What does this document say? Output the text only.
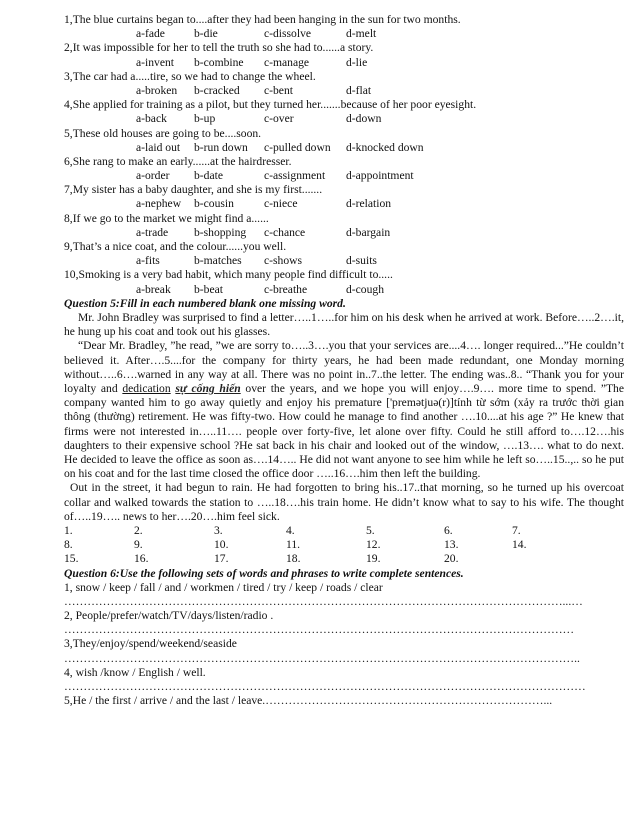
1,The blue curtains began to....after they had been hanging in the sun for two months.
a-fade	b-die	c-dissolve	d-melt
2,It was impossible for her to tell the truth so she had to......a story.
a-invent b-combine c-manage	d-lie
3,The car had a.....tire, so we had to change the wheel.
a-broken b-cracked c-bent	d-flat
4,She applied for training as a pilot, but they turned her.......because of her poor eyesight.
a-back b-up	c-over	d-down
5,These old houses are going to be....soon.
a-laid out b-run down c-pulled down d-knocked down
6,She rang to make an early......at the hairdresser.
a-order b-date	c-assignment d-appointment
7,My sister has a baby daughter, and she is my first.......
a-nephew b-cousin	c-niece	d-relation
8,If we go to the market we might find a......
a-trade b-shopping c-chance	d-bargain
9,That’s a nice coat, and the colour......you well.
a-fits	b-matches c-shows	d-suits
10,Smoking is a very bad habit, which many people find difficult to.....
a-break b-beat	c-breathe	d-cough
Question 5:Fill in each numbered blank one missing word.

Mr. John Bradley was surprised to find a letter…..1…..for him on his desk when he arrived at work. Before…..2….it, he hung up his coat and took out his glasses.

“Dear Mr. Bradley, ”he read, ”we are sorry to…..3….you that your services are....4…. longer required...”He couldn’t believed it. After….5....for the company for thirty years, he had been made redundant, one Monday morning without…..6….warned in any way at all. There was no point in..7..the letter. The ending was..8.. “Thank you for your loyalty and dedication sự cống hiến over the years, and we hope you will enjoy….9…. more time to spend. ”The company wanted him to go away quietly and enjoy his premature ['premətjuə(r)]tính từ sớm (xảy ra trước thời gian thông (thường) retirement. He was fifty-two. How could he manage to find another ….10....at his age ?” He knew that firms were not interested in…..11…. people over forty-five, let alone over fifty. Could he still afford to….12….his daughters to their expensive school ?He sat back in his chair and looked out of the window, ….13…. what to do next. He decided to leave the office as soon as….14….. He did not want anyone to see him while he left so…..15..,.. so he put on his coat and for the last time closed the office door …..16….him then left the building.

Out in the street, it had begun to rain. He had forgotten to bring his..17..that morning, so he turned up his overcoat collar and walked towards the station to …..18….his train home. He didn’t know what to say to his wife. The thought of…..19….. news to her….20….him feel sick.

1.	2.	3.	4.	5.	6.	7.
8.	9.	10.	11.	12.	13.	14.
15.	16.	17.	18.	19.	20.
Question 6:Use the following sets of words and phrases to write complete sentences.
1, snow / keep / fall / and / workmen / tired / try / keep / roads / clear
…………………………………………………………………………………………………………………...…
2, People/prefer/watch/TV/days/listen/radio .
……………………………………………………………………………………………………………………
3,They/enjoy/spend/weekend/seaside
……………………………………………………………………………………………………………………..
4, wish /know / English / well.
………………………………………………………………………………………………………………………
5,He / the first / arrive / and the last / leave.………………………………………………………………...
